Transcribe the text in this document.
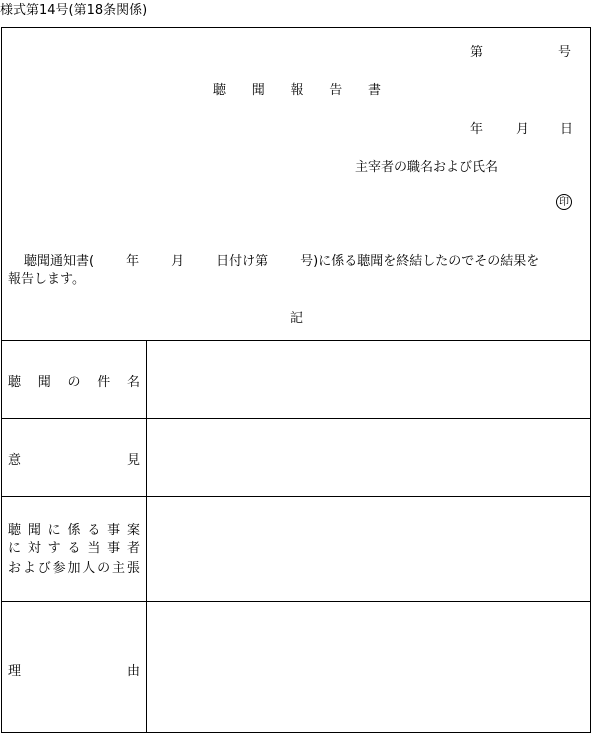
様式第14号(第18条関係)
第	号
聴 聞 報 告 書
年	月 日
主宰者の職名および氏名
印
聴聞通知書( 年 月 日付け第 号)に係る聴聞を終結したのでその結果を
報告します。
記
聴 聞 の 件 名
意	見
聴 聞 に 係 る 事 案
に 対 す る 当 事 者
お よ び 参 加 人 の 主 張
理	由
